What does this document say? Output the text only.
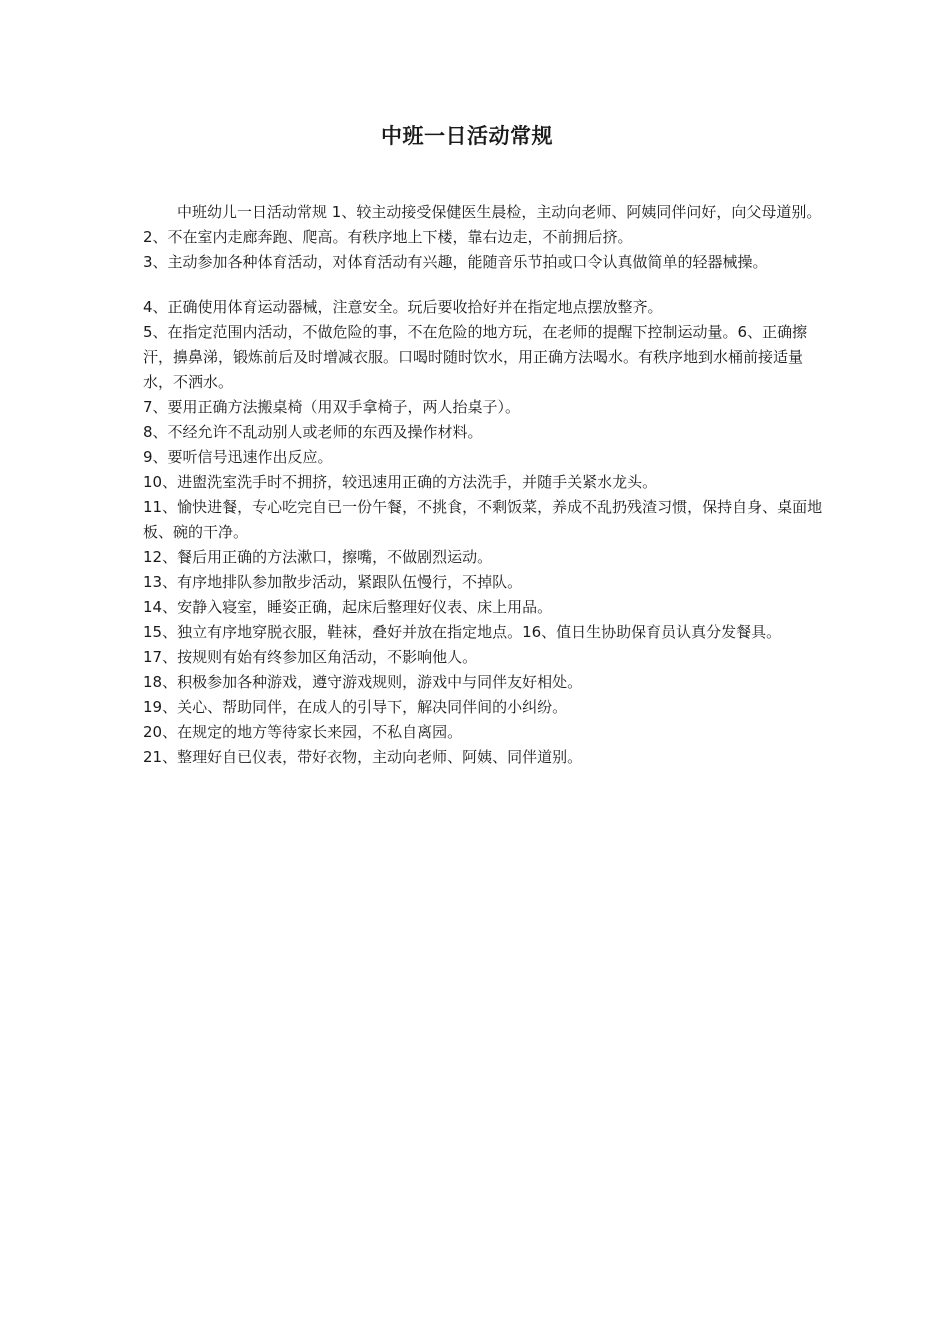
中班一日活动常规

中班幼儿一日活动常规 1、较主动接受保健医生晨检，主动向老师、阿姨同伴问好，向父母道别。

2、不在室内走廊奔跑、爬高。有秩序地上下楼，靠右边走，不前拥后挤。

3、主动参加各种体育活动，对体育活动有兴趣，能随音乐节拍或口令认真做简单的轻器械操。

4、正确使用体育运动器械，注意安全。玩后要收拾好并在指定地点摆放整齐。

5、在指定范围内活动，不做危险的事，不在危险的地方玩，在老师的提醒下控制运动量。6、正确擦汗，擤鼻涕，锻炼前后及时增减衣服。口喝时随时饮水，用正确方法喝水。有秩序地到水桶前接适量水，不洒水。

7、要用正确方法搬桌椅（用双手拿椅子，两人抬桌子）。

8、不经允许不乱动别人或老师的东西及操作材料。

9、要听信号迅速作出反应。

10、进盥洗室洗手时不拥挤，较迅速用正确的方法洗手，并随手关紧水龙头。

11、愉快进餐，专心吃完自已一份午餐，不挑食，不剩饭菜，养成不乱扔残渣习惯，保持自身、桌面地板、碗的干净。

12、餐后用正确的方法漱口，擦嘴，不做剧烈运动。

13、有序地排队参加散步活动，紧跟队伍慢行，不掉队。

14、安静入寝室，睡姿正确，起床后整理好仪表、床上用品。

15、独立有序地穿脱衣服，鞋袜，叠好并放在指定地点。16、值日生协助保育员认真分发餐具。

17、按规则有始有终参加区角活动，不影响他人。

18、积极参加各种游戏，遵守游戏规则，游戏中与同伴友好相处。

19、关心、帮助同伴，在成人的引导下，解决同伴间的小纠纷。

20、在规定的地方等待家长来园，不私自离园。

21、整理好自已仪表，带好衣物，主动向老师、阿姨、同伴道别。
